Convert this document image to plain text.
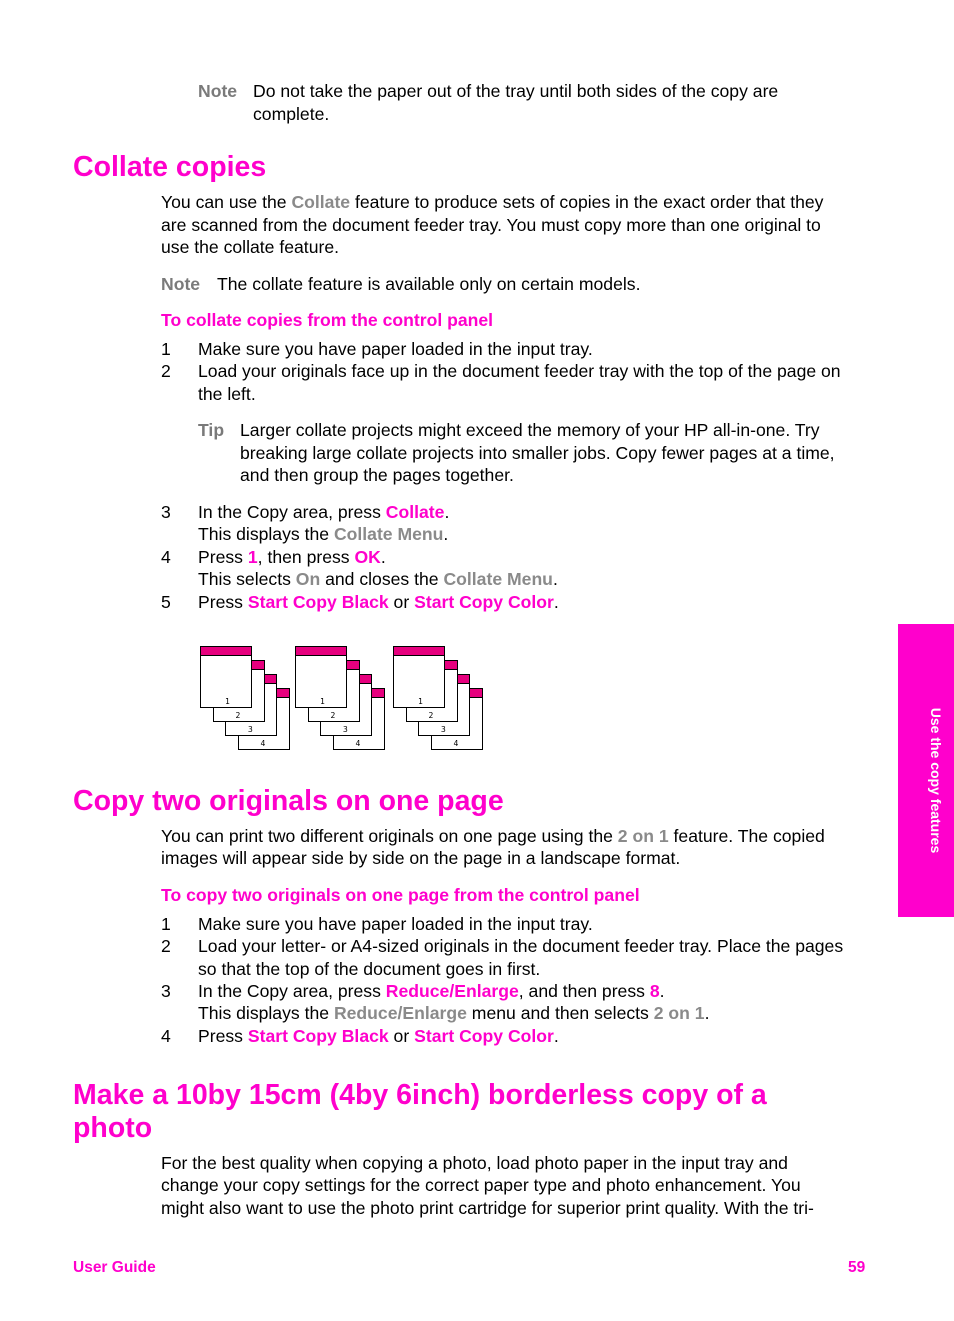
Note Do not take the paper out of the tray until both sides of the copy are
complete.
Collate copies
You can use the Collate feature to produce sets of copies in the exact order that they
are scanned from the document feeder tray. You must copy more than one original to
use the collate feature.
Note The collate feature is available only on certain models.
To collate copies from the control panel
1 Make sure you have paper loaded in the input tray.
2 Load your originals face up in the document feeder tray with the top of the page on
the left.
Tip Larger collate projects might exceed the memory of your HP all-in-one. Try
breaking large collate projects into smaller jobs. Copy fewer pages at a time,
and then group the pages together.
3 In the Copy area, press Collate.
This displays the Collate Menu.
4 Press 1, then press OK.
This selects On and closes the Collate Menu.
5 Press Start Copy Black or Start Copy Color.
4
3
2
1
4
3
2
1
4
3
2
1
Copy two originals on one page
You can print two different originals on one page using the 2 on 1 feature. The copied
images will appear side by side on the page in a landscape format.
To copy two originals on one page from the control panel
1 Make sure you have paper loaded in the input tray.
2 Load your letter- or A4-sized originals in the document feeder tray. Place the pages
so that the top of the document goes in first.
3 In the Copy area, press Reduce/Enlarge, and then press 8.
This displays the Reduce/Enlarge menu and then selects 2 on 1.
4 Press Start Copy Black or Start Copy Color.
Make a 10by 15cm (4by 6inch) borderless copy of a
photo
For the best quality when copying a photo, load photo paper in the input tray and
change your copy settings for the correct paper type and photo enhancement. You
might also want to use the photo print cartridge for superior print quality. With the tri-
Use the copy features
User Guide	59
